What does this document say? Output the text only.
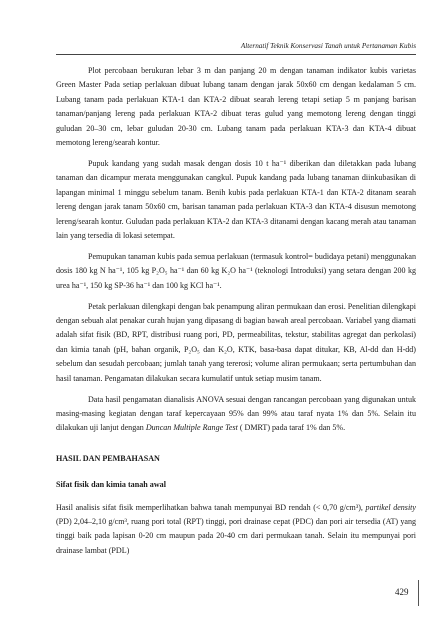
Alternatif Teknik Konservasi Tanah untuk Pertanaman Kubis

Plot percobaan berukuran lebar 3 m dan panjang 20 m dengan tanaman indikator kubis varietas Green Master Pada setiap perlakuan dibuat lubang tanam dengan jarak 50x60 cm dengan kedalaman 5 cm. Lubang tanam pada perlakuan KTA-1 dan KTA-2 dibuat searah lereng tetapi setiap 5 m panjang barisan tanaman/panjang lereng pada perlakuan KTA-2 dibuat teras gulud yang memotong lereng dengan tinggi guludan 20–30 cm, lebar guludan 20-30 cm. Lubang tanam pada perlakuan KTA-3 dan KTA-4 dibuat memotong lereng/searah kontur.

Pupuk kandang yang sudah masak dengan dosis 10 t ha⁻¹ diberikan dan diletakkan pada lubang tanaman dan dicampur merata menggunakan cangkul. Pupuk kandang pada lubang tanaman diinkubasikan di lapangan minimal 1 minggu sebelum tanam. Benih kubis pada perlakuan KTA-1 dan KTA-2 ditanam searah lereng dengan jarak tanam 50x60 cm, barisan tanaman pada perlakuan KTA-3 dan KTA-4 disusun memotong lereng/searah kontur. Guludan pada perlakuan KTA-2 dan KTA-3 ditanami dengan kacang merah atau tanaman lain yang tersedia di lokasi setempat.

Pemupukan tanaman kubis pada semua perlakuan (termasuk kontrol= budidaya petani) menggunakan dosis 180 kg N ha⁻¹, 105 kg P₂O₅ ha⁻¹ dan 60 kg K₂O ha⁻¹ (teknologi Introduksi) yang setara dengan 200 kg urea ha⁻¹, 150 kg SP-36 ha⁻¹ dan 100 kg KCl ha⁻¹.

Petak perlakuan dilengkapi dengan bak penampung aliran permukaan dan erosi. Penelitian dilengkapi dengan sebuah alat penakar curah hujan yang dipasang di bagian bawah areal percobaan. Variabel yang diamati adalah sifat fisik (BD, RPT, distribusi ruang pori, PD, permeabilitas, tekstur, stabilitas agregat dan perkolasi) dan kimia tanah (pH, bahan organik, P₂O₅ dan K₂O, KTK, basa-basa dapat ditukar, KB, Al-dd dan H-dd) sebelum dan sesudah percobaan; jumlah tanah yang tererosi; volume aliran permukaan; serta pertumbuhan dan hasil tanaman. Pengamatan dilakukan secara kumulatif untuk setiap musim tanam.

Data hasil pengamatan dianalisis ANOVA sesuai dengan rancangan percobaan yang digunakan untuk masing-masing kegiatan dengan taraf kepercayaan 95% dan 99% atau taraf nyata 1% dan 5%. Selain itu dilakukan uji lanjut dengan Duncan Multiple Range Test ( DMRT) pada taraf 1% dan 5%.

HASIL DAN PEMBAHASAN
Sifat fisik dan kimia tanah awal

Hasil analisis sifat fisik memperlihatkan bahwa tanah mempunyai BD rendah (< 0,70 g/cm³), partikel density (PD) 2,04–2,10 g/cm³, ruang pori total (RPT) tinggi, pori drainase cepat (PDC) dan pori air tersedia (AT) yang tinggi baik pada lapisan 0-20 cm maupun pada 20-40 cm dari permukaan tanah. Selain itu mempunyai pori drainase lambat (PDL)

429
